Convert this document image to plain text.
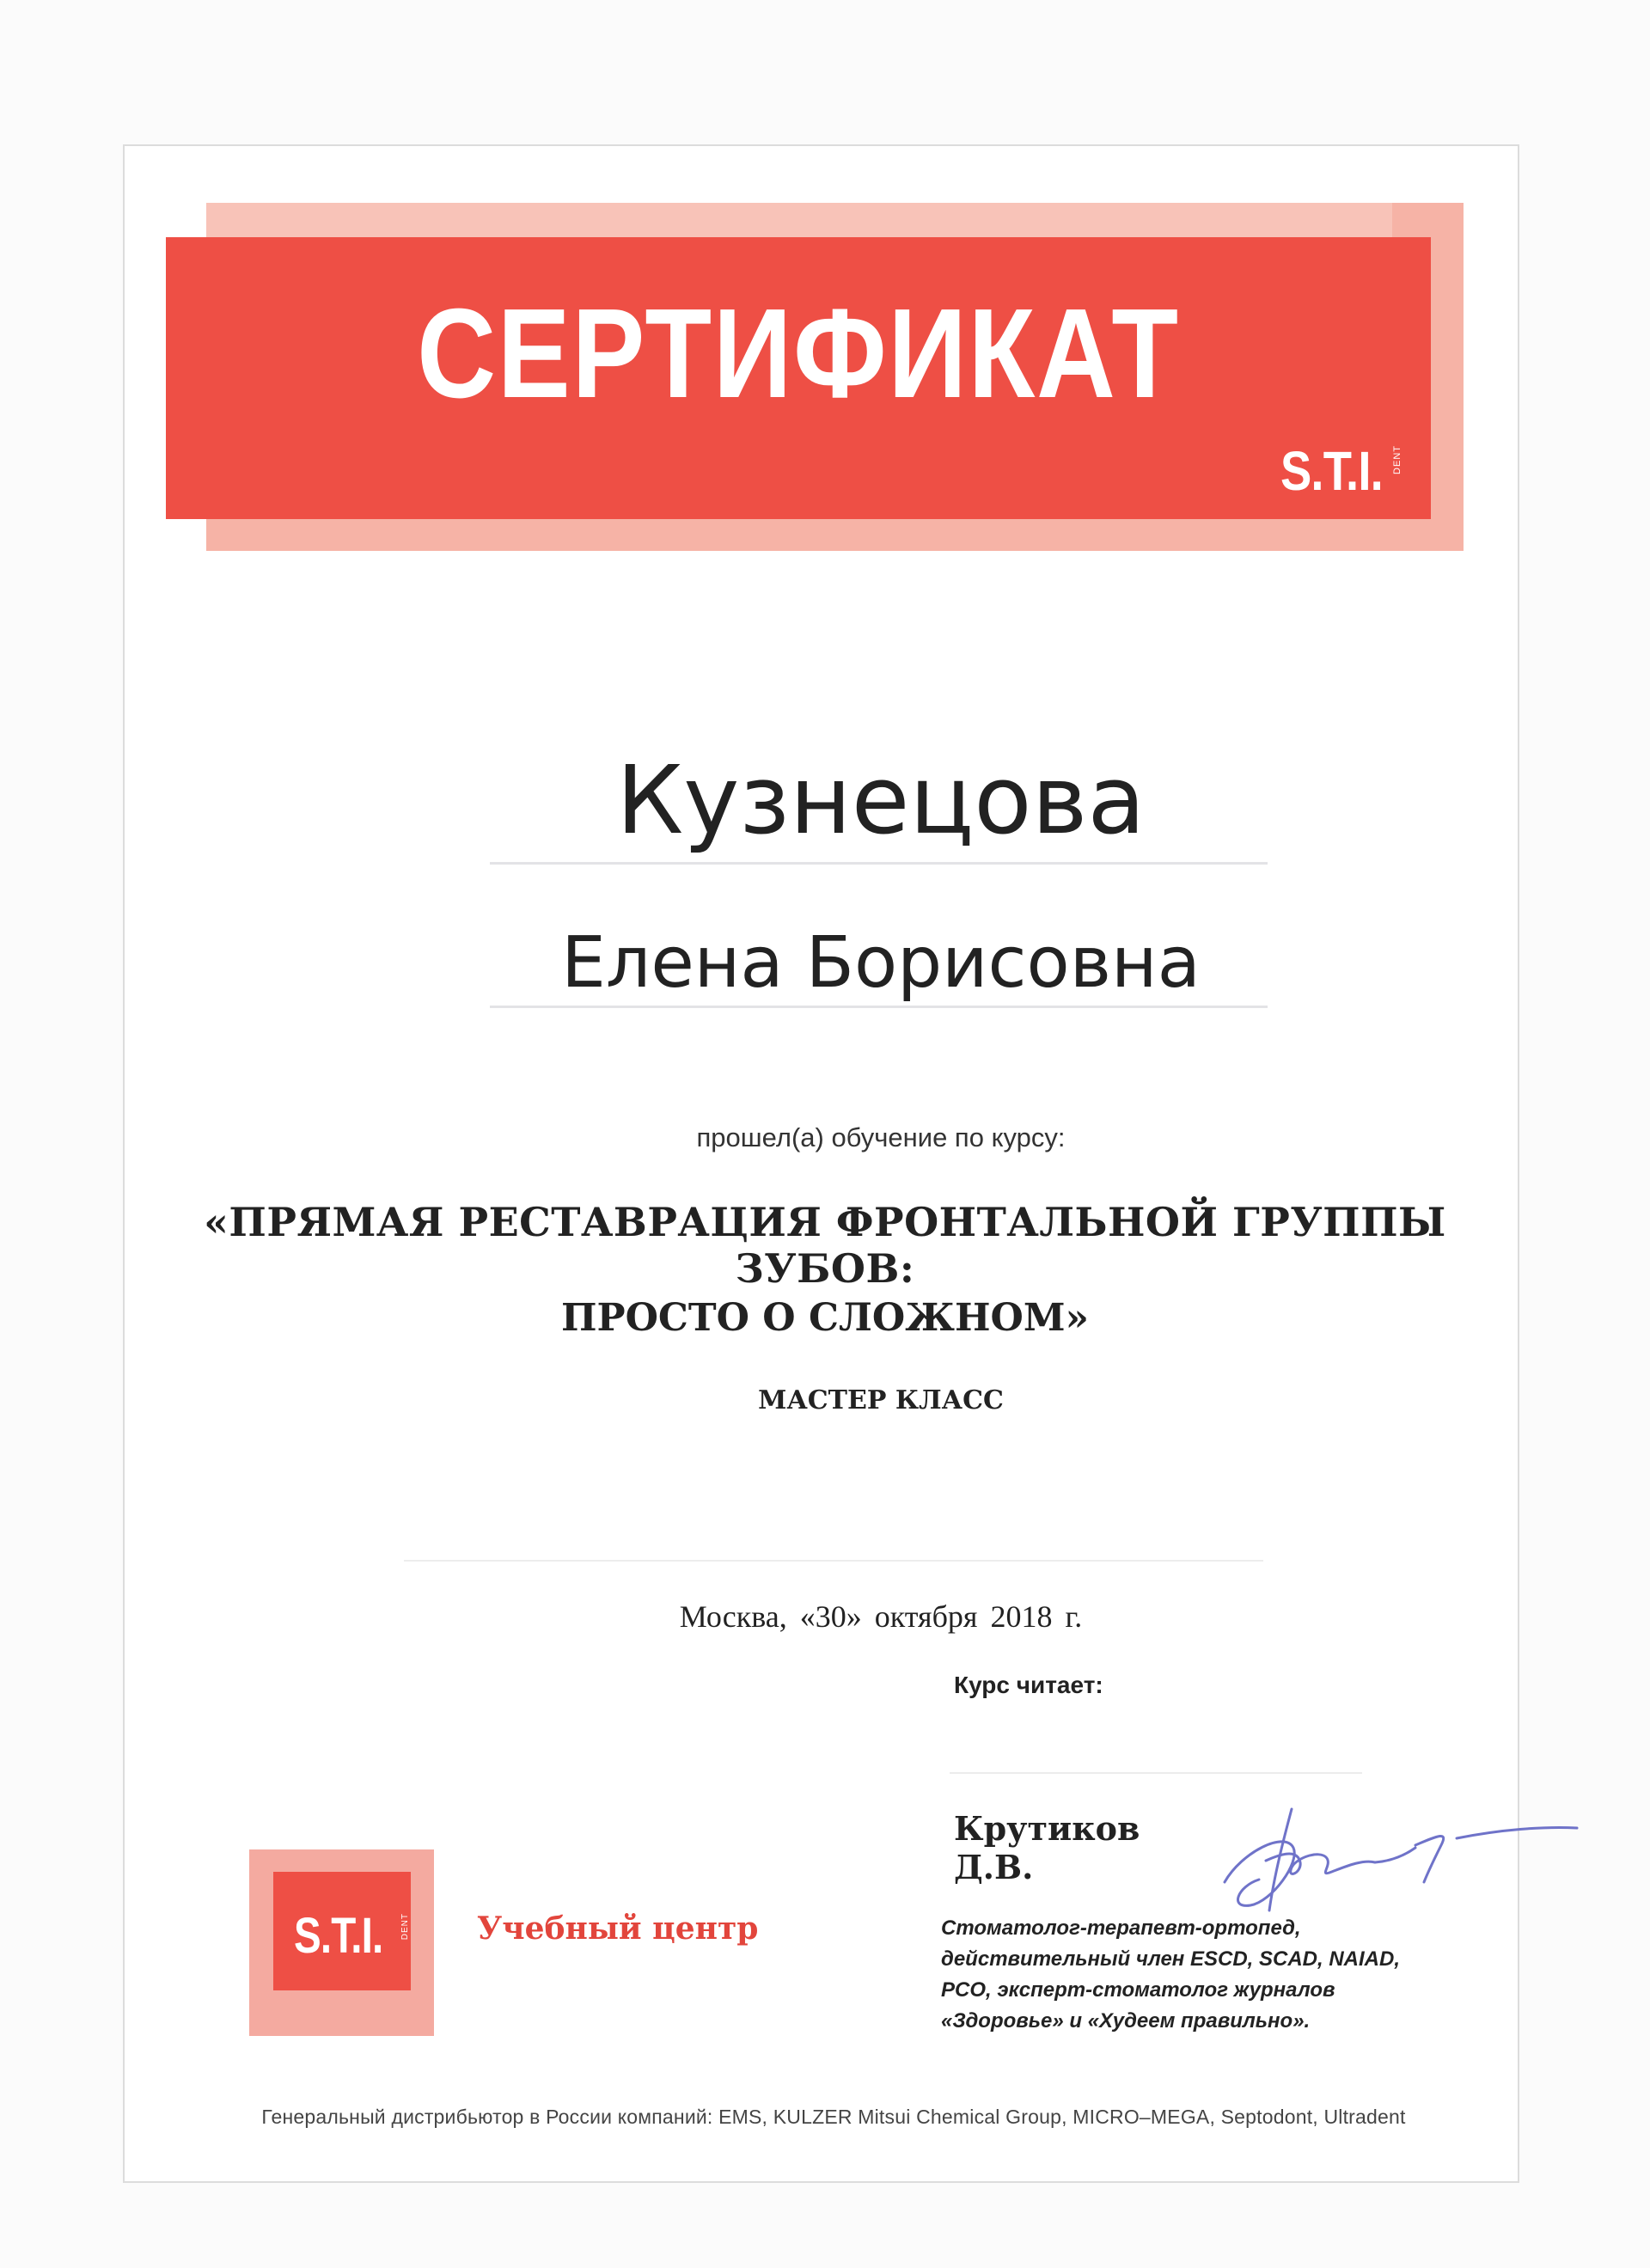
СЕРТИФИКАТ
S.T.I. DENT
Кузнецова
Елена Борисовна
прошел(а) обучение по курсу:
«ПРЯМАЯ РЕСТАВРАЦИЯ ФРОНТАЛЬНОЙ ГРУППЫ ЗУБОВ:
ПРОСТО О СЛОЖНОМ»
МАСТЕР КЛАСС
Москва, «30» октября 2018 г.
Курс читает:
Крутиков Д.В.
Стоматолог-терапевт-ортопед,
действительный член ESCD, SCAD, NAIAD,
PCO, эксперт-стоматолог журналов
«Здоровье» и «Худеем правильно».
S.T.I. DENT Учебный центр
Генеральный дистрибьютор в России компаний: EMS, KULZER Mitsui Chemical Group, MICRO–MEGA, Septodont, Ultradent
